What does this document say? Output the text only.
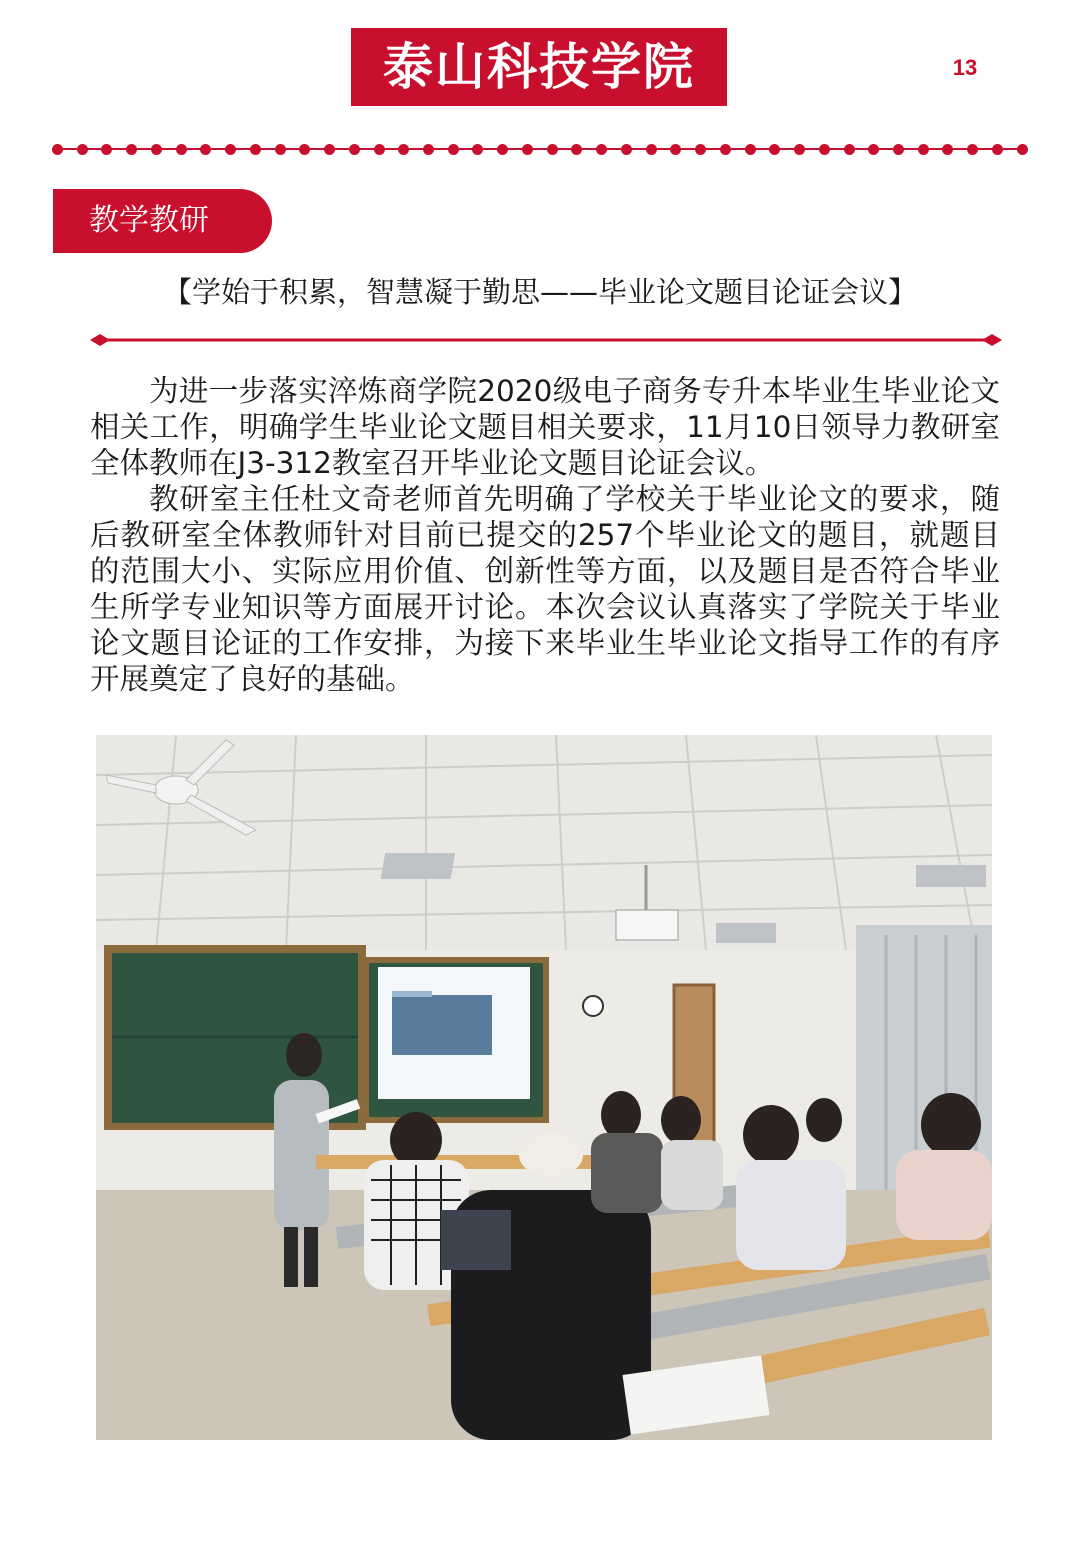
泰山科技学院	13
教学教研
【学始于积累，智慧凝于勤思——毕业论文题目论证会议】

为进一步落实淬炼商学院2020级电子商务专升本毕业生毕业论文相关工作，明确学生毕业论文题目相关要求，11月10日领导力教研室全体教师在J3-312教室召开毕业论文题目论证会议。

教研室主任杜文奇老师首先明确了学校关于毕业论文的要求，随后教研室全体教师针对目前已提交的257个毕业论文的题目，就题目的范围大小、实际应用价值、创新性等方面，以及题目是否符合毕业生所学专业知识等方面展开讨论。本次会议认真落实了学院关于毕业论文题目论证的工作安排，为接下来毕业生毕业论文指导工作的有序开展奠定了良好的基础。
